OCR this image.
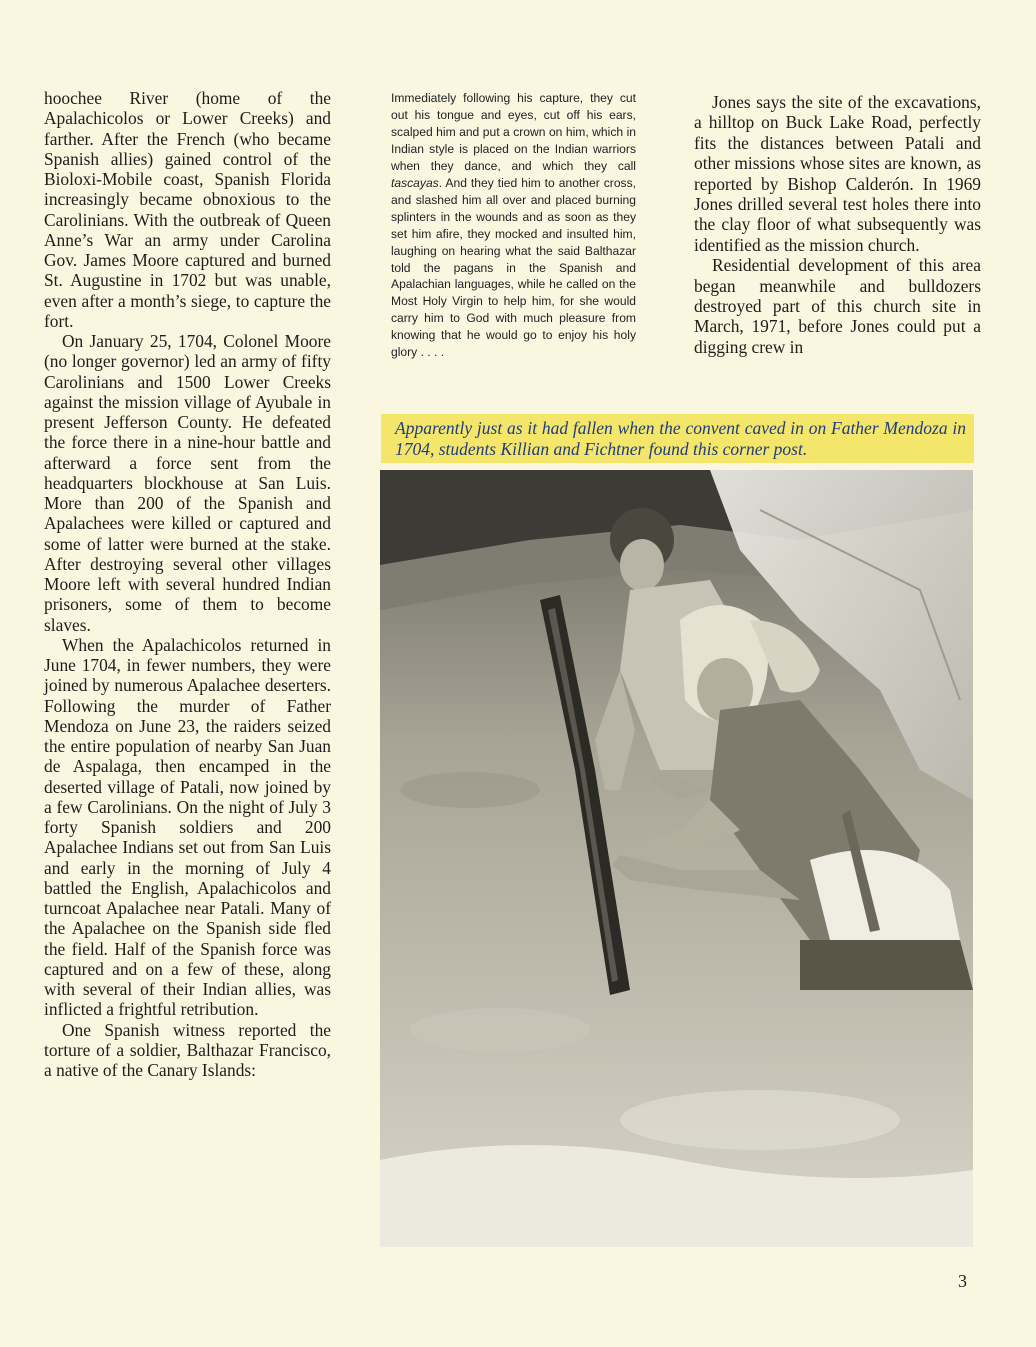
hoochee River (home of the Apalachicolos or Lower Creeks) and farther. After the French (who became Spanish allies) gained control of the Bioloxi-Mobile coast, Spanish Florida increasingly became obnoxious to the Carolinians. With the outbreak of Queen Anne’s War an army under Carolina Gov. James Moore captured and burned St. Augustine in 1702 but was unable, even after a month’s siege, to capture the fort.

On January 25, 1704, Colonel Moore (no longer governor) led an army of fifty Carolinians and 1500 Lower Creeks against the mission village of Ayubale in present Jefferson County. He defeated the force there in a nine-hour battle and afterward a force sent from the headquarters blockhouse at San Luis. More than 200 of the Spanish and Apalachees were killed or captured and some of latter were burned at the stake. After destroying several other villages Moore left with several hundred Indian prisoners, some of them to become slaves.

When the Apalachicolos returned in June 1704, in fewer numbers, they were joined by numerous Apalachee deserters. Following the murder of Father Mendoza on June 23, the raiders seized the entire population of nearby San Juan de Aspalaga, then encamped in the deserted village of Patali, now joined by a few Carolinians. On the night of July 3 forty Spanish soldiers and 200 Apalachee Indians set out from San Luis and early in the morning of July 4 battled the English, Apalachicolos and turncoat Apalachee near Patali. Many of the Apalachee on the Spanish side fled the field. Half of the Spanish force was captured and on a few of these, along with several of their Indian allies, was inflicted a frightful retribution.

One Spanish witness reported the torture of a soldier, Balthazar Francisco, a native of the Canary Islands:

Immediately following his capture, they cut out his tongue and eyes, cut off his ears, scalped him and put a crown on him, which in Indian style is placed on the Indian warriors when they dance, and which they call tascayas. And they tied him to another cross, and slashed him all over and placed burning splinters in the wounds and as soon as they set him afire, they mocked and insulted him, laughing on hearing what the said Balthazar told the pagans in the Spanish and Apalachian languages, while he called on the Most Holy Virgin to help him, for she would carry him to God with much pleasure from knowing that he would go to enjoy his holy glory . . . .

Jones says the site of the excavations, a hilltop on Buck Lake Road, perfectly fits the distances between Patali and other missions whose sites are known, as reported by Bishop Calderón. In 1969 Jones drilled several test holes there into the clay floor of what subsequently was identified as the mission church.

Residential development of this area began meanwhile and bulldozers destroyed part of this church site in March, 1971, before Jones could put a digging crew in

Apparently just as it had fallen when the convent caved in on Father Mendoza in 1704, students Killian and Fichtner found this corner post.
3
